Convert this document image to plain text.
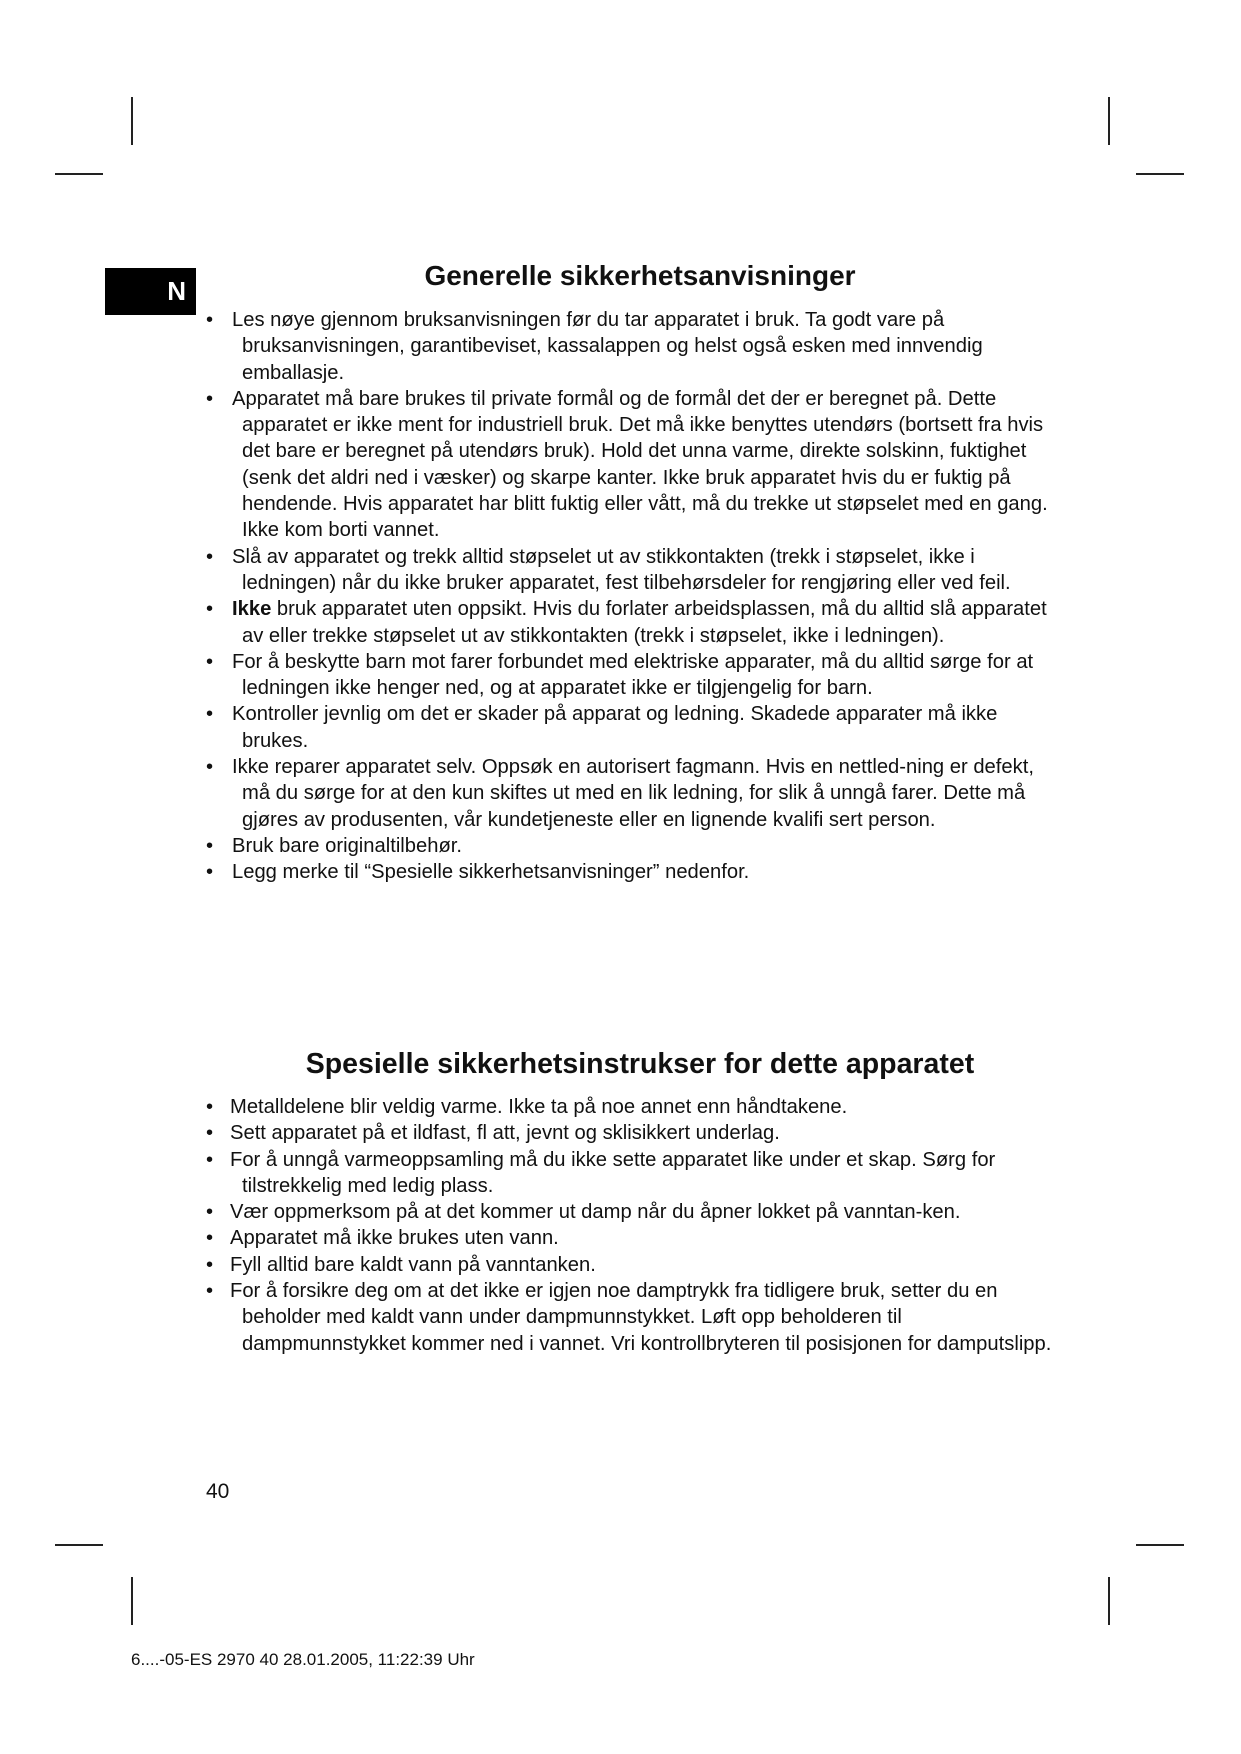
N	Generelle sikkerhetsanvisninger
• Les nøye gjennom bruksanvisningen før du tar apparatet i bruk. Ta godt vare på bruksanvisningen, garantibeviset, kassalappen og helst også esken med innvendig emballasje.
• Apparatet må bare brukes til private formål og de formål det der er beregnet på. Dette apparatet er ikke ment for industriell bruk. Det må ikke benyttes utendørs (bortsett fra hvis det bare er beregnet på utendørs bruk). Hold det unna varme, direkte solskinn, fuktighet (senk det aldri ned i væsker) og skarpe kanter. Ikke bruk apparatet hvis du er fuktig på hendende. Hvis apparatet har blitt fuktig eller vått, må du trekke ut støpselet med en gang. Ikke kom borti vannet.
• Slå av apparatet og trekk alltid støpselet ut av stikkontakten (trekk i støpselet, ikke i ledningen) når du ikke bruker apparatet, fest tilbehørsdeler for rengjøring eller ved feil.
• Ikke bruk apparatet uten oppsikt. Hvis du forlater arbeidsplassen, må du alltid slå apparatet av eller trekke støpselet ut av stikkontakten (trekk i støpselet, ikke i ledningen).
• For å beskytte barn mot farer forbundet med elektriske apparater, må du alltid sørge for at ledningen ikke henger ned, og at apparatet ikke er tilgjengelig for barn.
• Kontroller jevnlig om det er skader på apparat og ledning. Skadede apparater må ikke brukes.
• Ikke reparer apparatet selv. Oppsøk en autorisert fagmann. Hvis en nettled-ning er defekt, må du sørge for at den kun skiftes ut med en lik ledning, for slik å unngå farer. Dette må gjøres av produsenten, vår kundetjeneste eller en lignende kvalifi sert person.
• Bruk bare originaltilbehør.
• Legg merke til “Spesielle sikkerhetsanvisninger” nedenfor.
Spesielle sikkerhetsinstrukser for dette apparatet
• Metalldelene blir veldig varme. Ikke ta på noe annet enn håndtakene.
• Sett apparatet på et ildfast, fl att, jevnt og sklisikkert underlag.
• For å unngå varmeoppsamling må du ikke sette apparatet like under et skap. Sørg for tilstrekkelig med ledig plass.
• Vær oppmerksom på at det kommer ut damp når du åpner lokket på vanntan-ken.
• Apparatet må ikke brukes uten vann.
• Fyll alltid bare kaldt vann på vanntanken.
• For å forsikre deg om at det ikke er igjen noe damptrykk fra tidligere bruk, setter du en beholder med kaldt vann under dampmunnstykket. Løft opp beholderen til dampmunnstykket kommer ned i vannet. Vri kontrollbryteren til posisjonen for damputslipp.
40
6....-05-ES 2970 40 28.01.2005, 11:22:39 Uhr
